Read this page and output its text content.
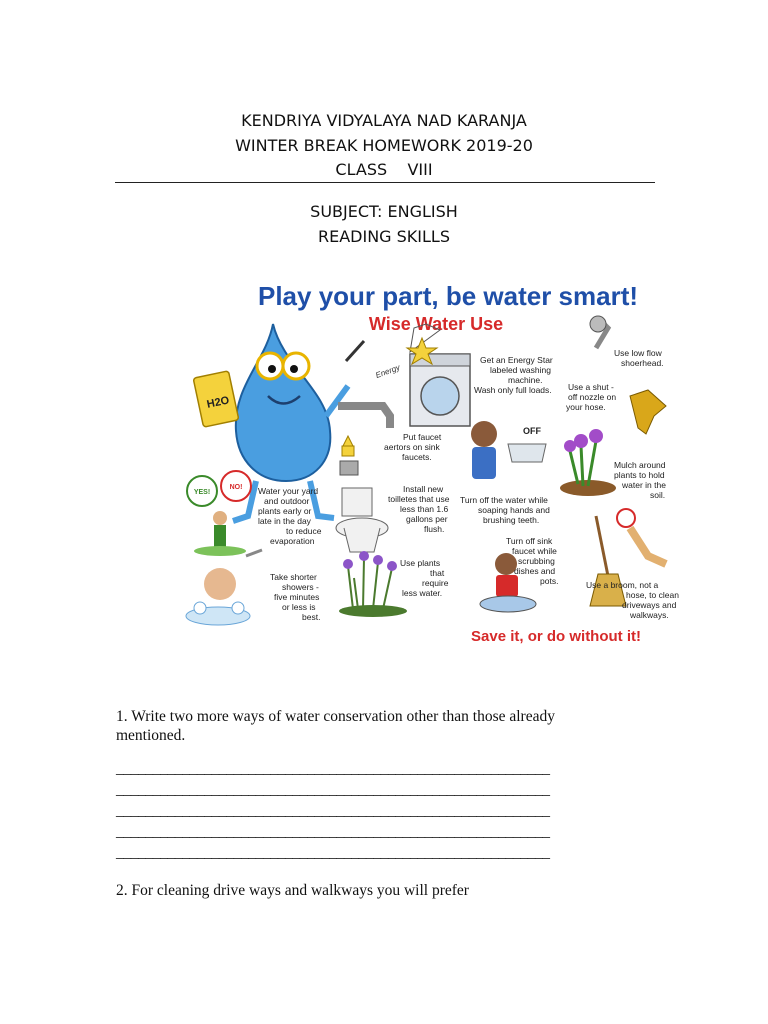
KENDRIYA VIDYALAYA NAD KARANJA
WINTER BREAK HOMEWORK 2019-20
CLASS    VIII
SUBJECT: ENGLISH
READING SKILLS
Play your part, be water smart!
Wise Water Use
H2O
Energy
OFF
YES!
NO!
Get an Energy Star labeled washing machine. Wash only full loads.
Use low flow shoerhead.
Use a shut - off nozzle on your hose.
Put faucet aertors on sink faucets.
Mulch around plants to hold water in the soil.
Water your yard and outdoor plants early or late in the day to reduce evaporation
Install new toilletes that use less than 1.6 gallons per flush.
Turn off the water while soaping hands and brushing teeth.
Turn off sink faucet while scrubbing dishes and pots.
Take shorter showers - five minutes or less is best.
Use plants that require less water.
Use a broom, not a hose, to clean driveways and walkways.
Save it, or do without it!
1. Write two more ways of water conservation other than those already
mentioned.
___________________________________________________________
___________________________________________________________
___________________________________________________________
___________________________________________________________
___________________________________________________________
2. For cleaning drive ways and walkways you will prefer
